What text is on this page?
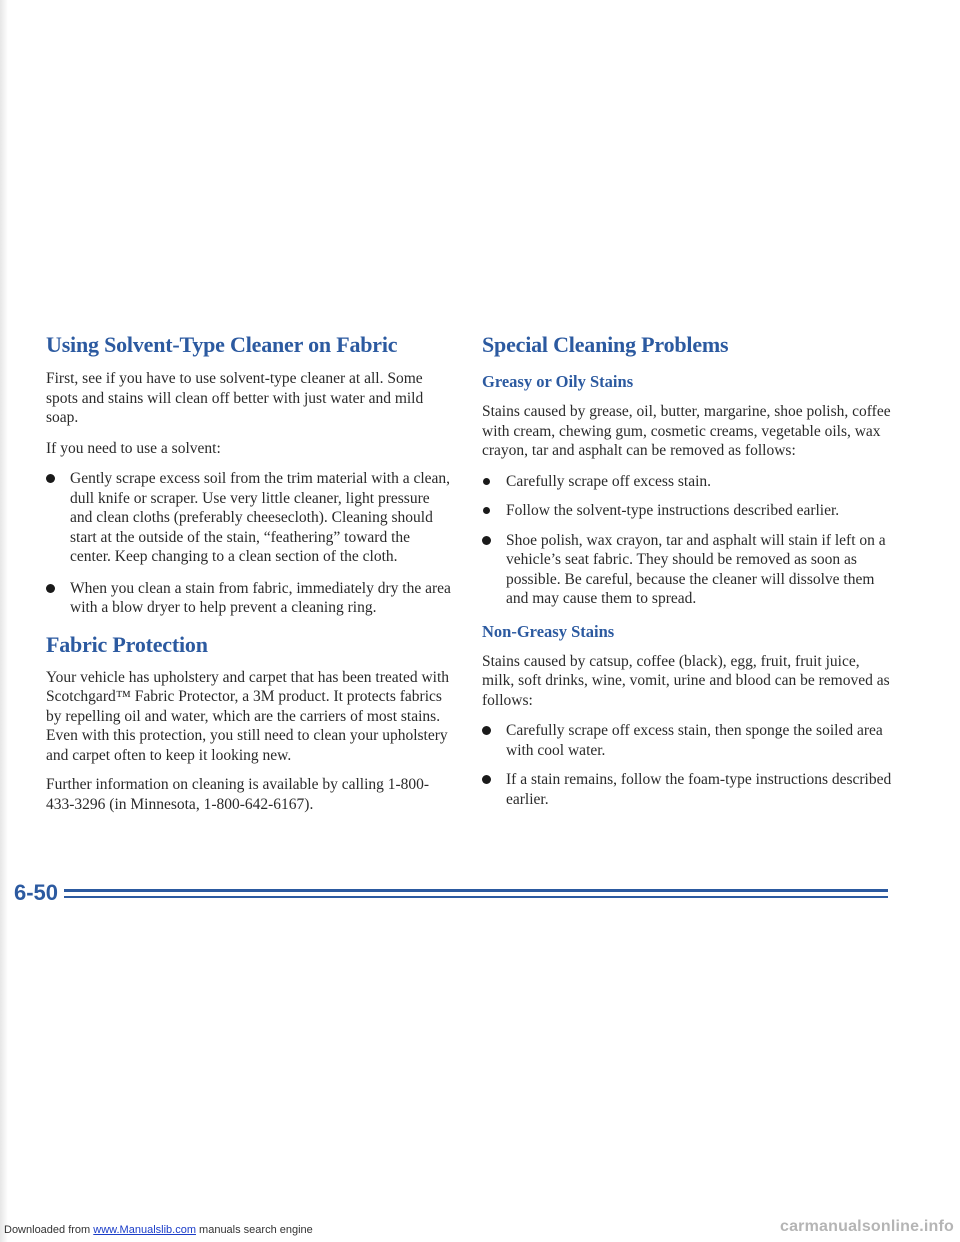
Using Solvent-Type Cleaner on Fabric

First, see if you have to use solvent-type cleaner at all. Some spots and stains will clean off better with just water and mild soap.

If you need to use a solvent:

Gently scrape excess soil from the trim material with a clean, dull knife or scraper. Use very little cleaner, light pressure and clean cloths (preferably cheesecloth). Cleaning should start at the outside of the stain, “feathering” toward the center. Keep changing to a clean section of the cloth.
When you clean a stain from fabric, immediately dry the area with a blow dryer to help prevent a cleaning ring.
Fabric Protection

Your vehicle has upholstery and carpet that has been treated with Scotchgard™ Fabric Protector, a 3M product. It protects fabrics by repelling oil and water, which are the carriers of most stains. Even with this protection, you still need to clean your upholstery and carpet often to keep it looking new.

Further information on cleaning is available by calling 1-800-433-3296 (in Minnesota, 1-800-642-6167).

Special Cleaning Problems
Greasy or Oily Stains

Stains caused by grease, oil, butter, margarine, shoe polish, coffee with cream, chewing gum, cosmetic creams, vegetable oils, wax crayon, tar and asphalt can be removed as follows:

Carefully scrape off excess stain.
Follow the solvent-type instructions described earlier.
Shoe polish, wax crayon, tar and asphalt will stain if left on a vehicle’s seat fabric. They should be removed as soon as possible. Be careful, because the cleaner will dissolve them and may cause them to spread.
Non-Greasy Stains

Stains caused by catsup, coffee (black), egg, fruit, fruit juice, milk, soft drinks, wine, vomit, urine and blood can be removed as follows:

Carefully scrape off excess stain, then sponge the soiled area with cool water.
If a stain remains, follow the foam-type instructions described earlier.
6-50
Downloaded from www.Manualslib.com manuals search engine	carmanualsonline.info
